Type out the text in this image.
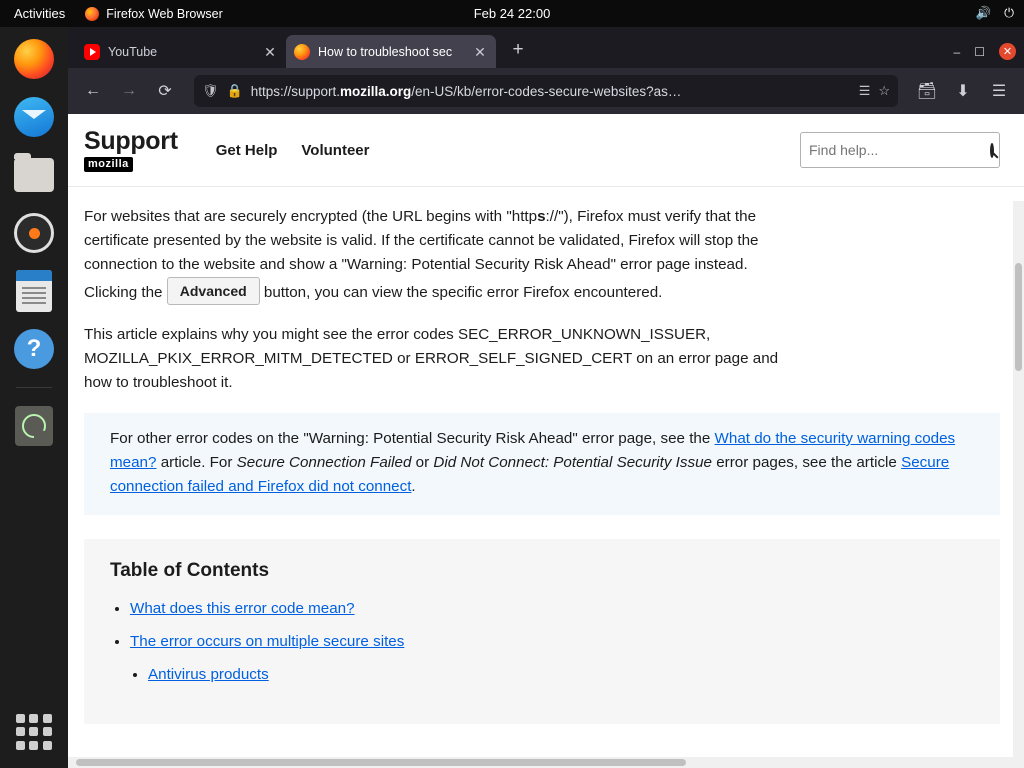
Activities	Firefox Web Browser	Feb 24 22:00	🔊 ⏻
?
YouTube	✕	How to troubleshoot sec	✕	+	– ☐	✕
←	→	⟳	🛡 🔒 https://support.mozilla.org/en-US/kb/error-codes-secure-websites?as…	☰ ☆	🗃	⬇	☰
Support
mozilla
Get Help Volunteer
Find help...

For websites that are securely encrypted (the URL begins with "https://"), Firefox must verify that the certificate presented by the website is valid. If the certificate cannot be validated, Firefox will stop the connection to the website and show a "Warning: Potential Security Risk Ahead" error page instead. Clicking the Advanced button, you can view the specific error Firefox encountered.

This article explains why you might see the error codes SEC_ERROR_UNKNOWN_ISSUER, MOZILLA_PKIX_ERROR_MITM_DETECTED or ERROR_SELF_SIGNED_CERT on an error page and how to troubleshoot it.

For other error codes on the "Warning: Potential Security Risk Ahead" error page, see the What do the security warning codes mean? article. For Secure Connection Failed or Did Not Connect: Potential Security Issue error pages, see the article Secure connection failed and Firefox did not connect.
Table of Contents
• What does this error code mean?
• The error occurs on multiple secure sites
• Antivirus products
